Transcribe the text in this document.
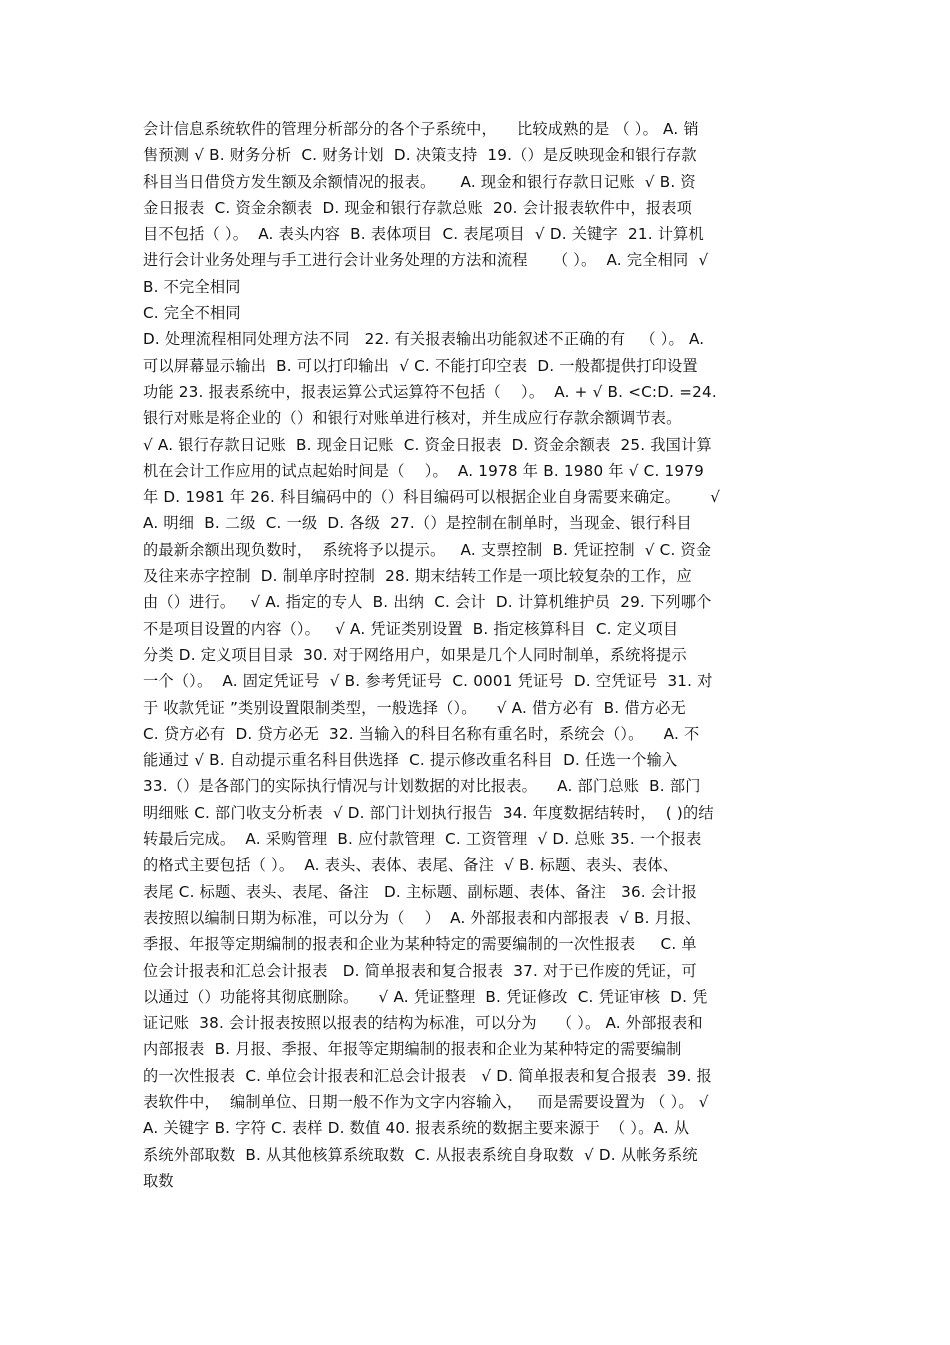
会计信息系统软件的管理分析部分的各个子系统中，    比较成熟的是 （ ）。 A. 销
售预测 √ B. 财务分析  C. 财务计划  D. 决策支持  19.（）是反映现金和银行存款
科目当日借贷方发生额及余额情况的报表。     A. 现金和银行存款日记账  √ B. 资
金日报表  C. 资金余额表  D. 现金和银行存款总账  20. 会计报表软件中，报表项
目不包括（ ）。  A. 表头内容  B. 表体项目  C. 表尾项目  √ D. 关键字  21. 计算机
进行会计业务处理与手工进行会计业务处理的方法和流程     （ ）。  A. 完全相同  √
B. 不完全相同
C. 完全不相同
D. 处理流程相同处理方法不同   22. 有关报表输出功能叙述不正确的有   （ ）。 A.
可以屏幕显示输出  B. 可以打印输出  √ C. 不能打印空表  D. 一般都提供打印设置
功能 23. 报表系统中，报表运算公式运算符不包括（    ）。  A. + √ B. <C:D. =24.
银行对账是将企业的（）和银行对账单进行核对，并生成应行存款余额调节表。
√ A. 银行存款日记账  B. 现金日记账  C. 资金日报表  D. 资金余额表  25. 我国计算
机在会计工作应用的试点起始时间是（    ）。  A. 1978 年 B. 1980 年 √ C. 1979
年 D. 1981 年 26. 科目编码中的（）科目编码可以根据企业自身需要来确定。      √
A. 明细  B. 二级  C. 一级  D. 各级  27.（）是控制在制单时，当现金、银行科目
的最新余额出现负数时，  系统将予以提示。   A. 支票控制  B. 凭证控制  √ C. 资金
及往来赤字控制  D. 制单序时控制  28. 期末结转工作是一项比较复杂的工作，应
由（）进行。   √ A. 指定的专人  B. 出纳  C. 会计  D. 计算机维护员  29. 下列哪个
不是项目设置的内容（）。   √ A. 凭证类别设置  B. 指定核算科目  C. 定义项目
分类 D. 定义项目目录  30. 对于网络用户，如果是几个人同时制单，系统将提示
一个（）。  A. 固定凭证号  √ B. 参考凭证号  C. 0001 凭证号  D. 空凭证号  31. 对
于 收款凭证 ”类别设置限制类型，一般选择（）。    √ A. 借方必有  B. 借方必无
C. 贷方必有  D. 贷方必无  32. 当输入的科目名称有重名时，系统会（）。    A. 不
能通过 √ B. 自动提示重名科目供选择  C. 提示修改重名科目  D. 任选一个输入
33.（）是各部门的实际执行情况与计划数据的对比报表。    A. 部门总账  B. 部门
明细账 C. 部门收支分析表  √ D. 部门计划执行报告  34. 年度数据结转时，  ( )的结
转最后完成。  A. 采购管理  B. 应付款管理  C. 工资管理  √ D. 总账 35. 一个报表
的格式主要包括（ ）。  A. 表头、表体、表尾、备注  √ B. 标题、表头、表体、
表尾 C. 标题、表头、表尾、备注   D. 主标题、副标题、表体、备注   36. 会计报
表按照以编制日期为标准，可以分为（    ）  A. 外部报表和内部报表  √ B. 月报、
季报、年报等定期编制的报表和企业为某种特定的需要编制的一次性报表     C. 单
位会计报表和汇总会计报表   D. 简单报表和复合报表  37. 对于已作废的凭证，可
以通过（）功能将其彻底删除。    √ A. 凭证整理  B. 凭证修改  C. 凭证审核  D. 凭
证记账  38. 会计报表按照以报表的结构为标准，可以分为    （ ）。 A. 外部报表和
内部报表  B. 月报、季报、年报等定期编制的报表和企业为某种特定的需要编制
的一次性报表  C. 单位会计报表和汇总会计报表   √ D. 简单报表和复合报表  39. 报
表软件中，  编制单位、日期一般不作为文字内容输入，   而是需要设置为 （ ）。 √
A. 关键字 B. 字符 C. 表样 D. 数值 40. 报表系统的数据主要来源于  （ ）。A. 从
系统外部取数  B. 从其他核算系统取数  C. 从报表系统自身取数  √ D. 从帐务系统
取数
